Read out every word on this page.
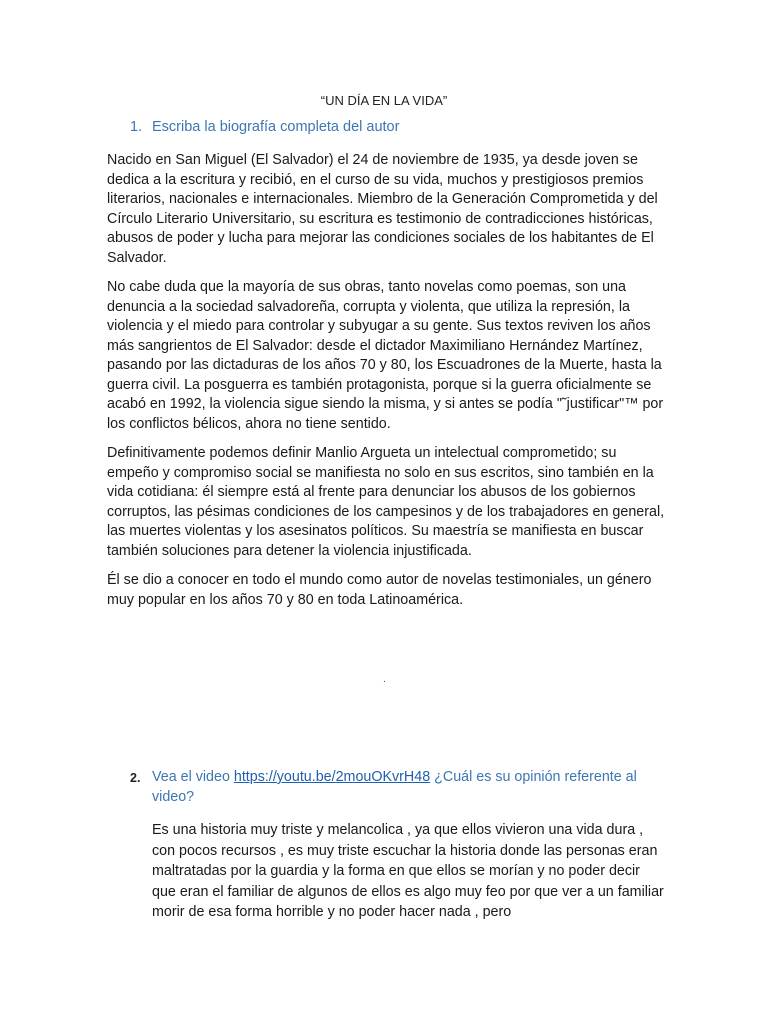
“UN DÍA EN LA VIDA”
1. Escriba la biografía completa del autor

Nacido en San Miguel (El Salvador) el 24 de noviembre de 1935, ya desde joven se dedica a la escritura y recibió, en el curso de su vida, muchos y prestigiosos premios literarios, nacionales e internacionales. Miembro de la Generación Comprometida y del Círculo Literario Universitario, su escritura es testimonio de contradicciones históricas, abusos de poder y lucha para mejorar las condiciones sociales de los habitantes de El Salvador.

No cabe duda que la mayoría de sus obras, tanto novelas como poemas, son una denuncia a la sociedad salvadoreña, corrupta y violenta, que utiliza la represión, la violencia y el miedo para controlar y subyugar a su gente. Sus textos reviven los años más sangrientos de El Salvador: desde el dictador Maximiliano Hernández Martínez, pasando por las dictaduras de los años 70 y 80, los Escuadrones de la Muerte, hasta la guerra civil. La posguerra es también protagonista, porque si la guerra oficialmente se acabó en 1992, la violencia sigue siendo la misma, y si antes se podía "˜justificar"™ por los conflictos bélicos, ahora no tiene sentido.

Definitivamente podemos definir Manlio Argueta un intelectual comprometido; su empeño y compromiso social se manifiesta no solo en sus escritos, sino también en la vida cotidiana: él siempre está al frente para denunciar los abusos de los gobiernos corruptos, las pésimas condiciones de los campesinos y de los trabajadores en general, las muertes violentas y los asesinatos políticos. Su maestría se manifiesta en buscar también soluciones para detener la violencia injustificada.

Él se dio a conocer en todo el mundo como autor de novelas testimoniales, un género muy popular en los años 70 y 80 en toda Latinoamérica.

.
2. Vea el video https://youtu.be/2mouOKvrH48 ¿Cuál es su opinión referente al video?
Es una historia muy triste y melancolica , ya que ellos vivieron una vida dura , con pocos recursos , es muy triste escuchar la historia donde las personas eran maltratadas por la guardia y la forma en que ellos se morían y no poder decir que eran el familiar de algunos de ellos es algo muy feo por que ver a un familiar morir de esa forma horrible y no poder hacer nada , pero
